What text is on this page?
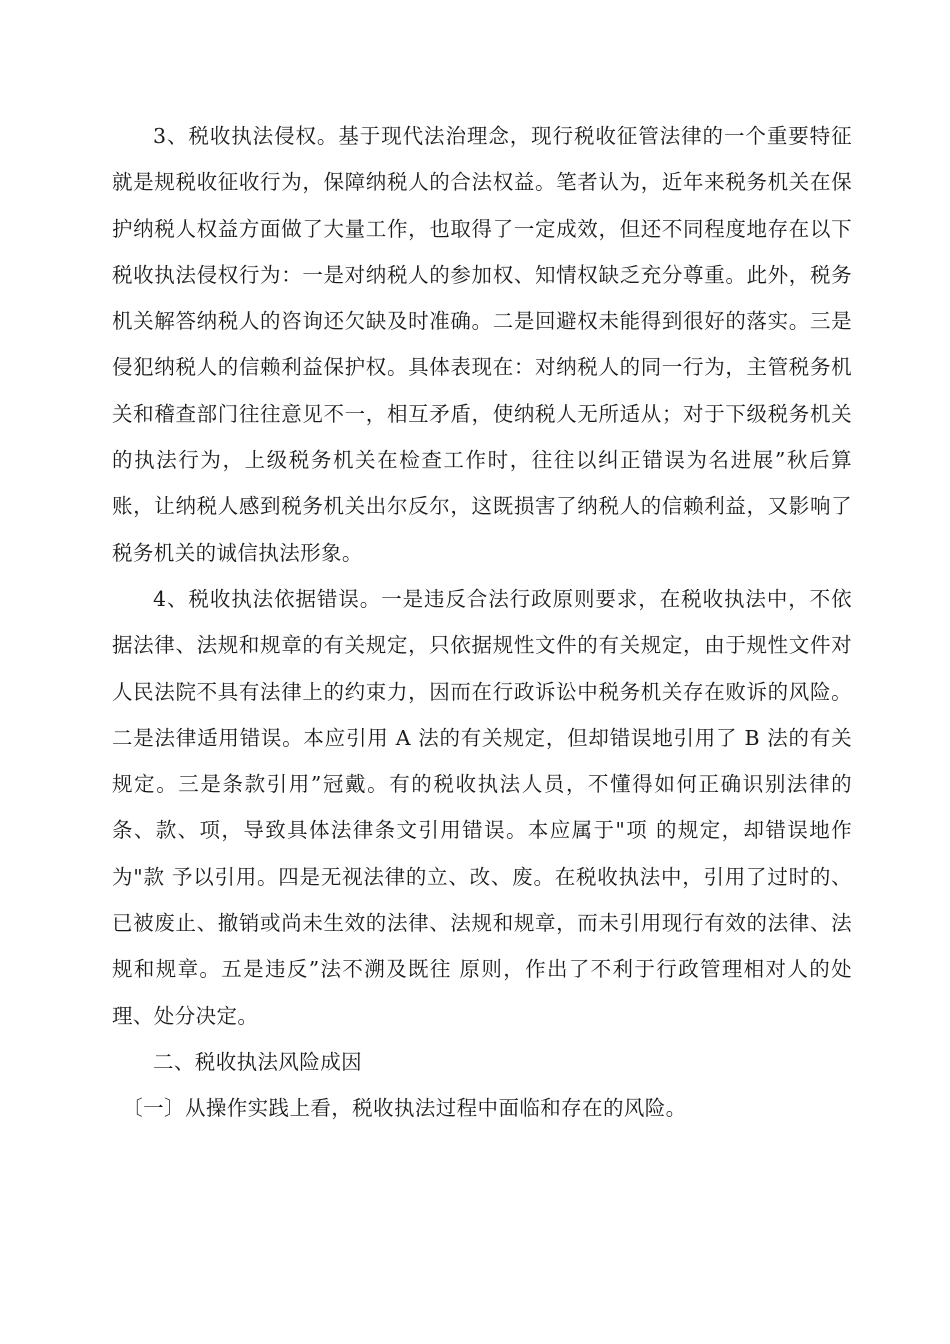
3、税收执法侵权。基于现代法治理念，现行税收征管法律的一个重要特征就是规税收征收行为，保障纳税人的合法权益。笔者认为，近年来税务机关在保护纳税人权益方面做了大量工作，也取得了一定成效，但还不同程度地存在以下税收执法侵权行为：一是对纳税人的参加权、知情权缺乏充分尊重。此外，税务机关解答纳税人的咨询还欠缺及时准确。二是回避权未能得到很好的落实。三是侵犯纳税人的信赖利益保护权。具体表现在：对纳税人的同一行为，主管税务机关和稽查部门往往意见不一，相互矛盾，使纳税人无所适从；对于下级税务机关的执法行为，上级税务机关在检查工作时，往往以纠正错误为名进展”秋后算账，让纳税人感到税务机关出尔反尔，这既损害了纳税人的信赖利益，又影响了税务机关的诚信执法形象。

4、税收执法依据错误。一是违反合法行政原则要求，在税收执法中，不依据法律、法规和规章的有关规定，只依据规性文件的有关规定，由于规性文件对人民法院不具有法律上的约束力，因而在行政诉讼中税务机关存在败诉的风险。二是法律适用错误。本应引用 A 法的有关规定，但却错误地引用了 B 法的有关规定。三是条款引用”冠戴。有的税收执法人员，不懂得如何正确识别法律的条、款、项，导致具体法律条文引用错误。本应属于"项 的规定，却错误地作为"款 予以引用。四是无视法律的立、改、废。在税收执法中，引用了过时的、已被废止、撤销或尚未生效的法律、法规和规章，而未引用现行有效的法律、法规和规章。五是违反”法不溯及既往 原则，作出了不利于行政管理相对人的处理、处分决定。

二、税收执法风险成因

〔一〕从操作实践上看，税收执法过程中面临和存在的风险。
